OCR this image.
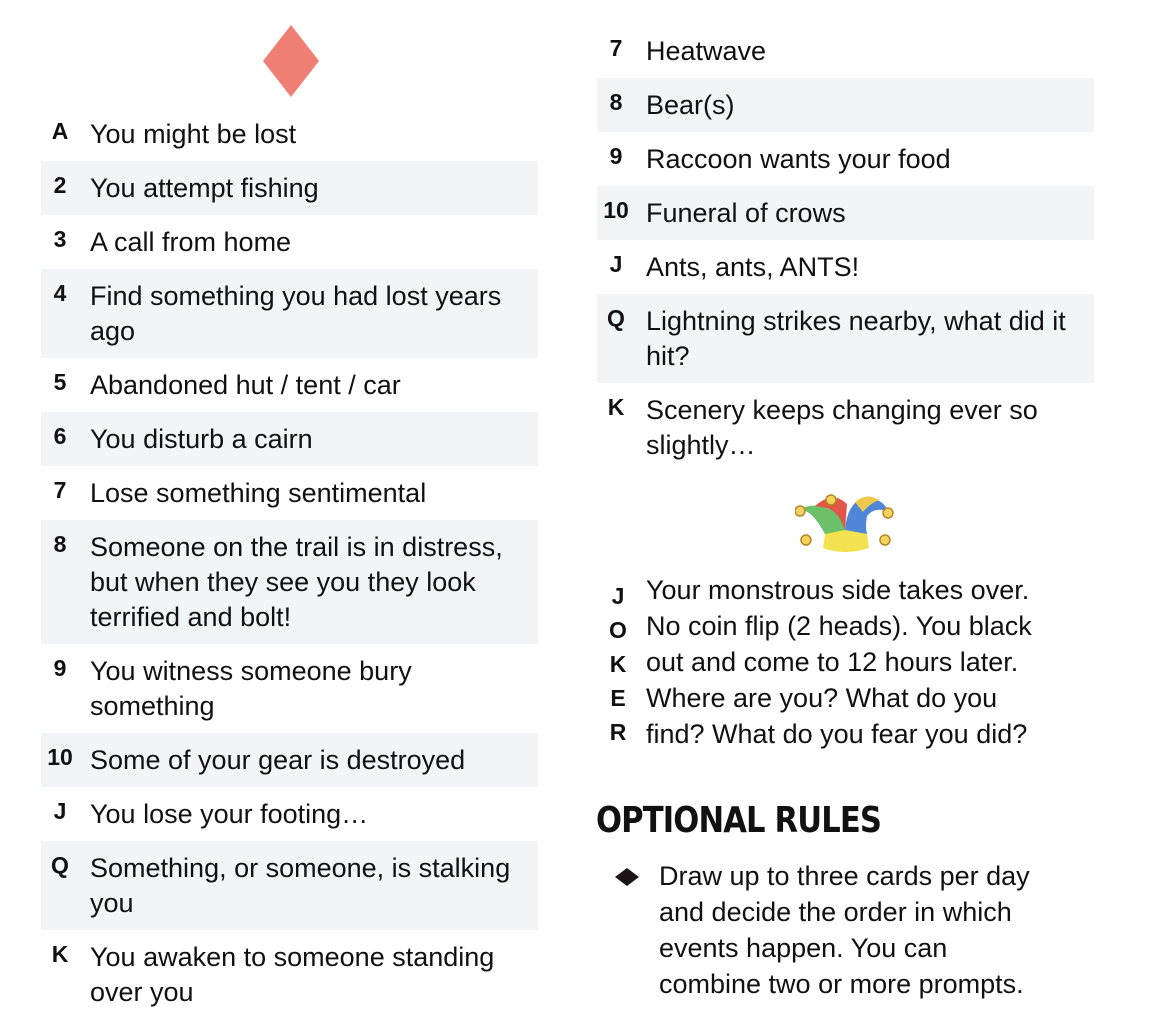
A You might be lost
2 You attempt fishing
3 A call from home
4 Find something you had lost years ago
5 Abandoned hut / tent / car
6 You disturb a cairn
7 Lose something sentimental
8 Someone on the trail is in distress, but when they see you they look terrified and bolt!
9 You witness someone bury something
10 Some of your gear is destroyed
J You lose your footing…
Q Something, or someone, is stalking you
K You awaken to someone standing over you
7 Heatwave
8 Bear(s)
9 Raccoon wants your food
10 Funeral of crows
J Ants, ants, ANTS!
Q Lightning strikes nearby, what did it hit?
K Scenery keeps changing ever so slightly…
J
O
K
E
R
Your monstrous side takes over.
No coin flip (2 heads). You black
out and come to 12 hours later.
Where are you? What do you
find? What do you fear you did?
OPTIONAL RULES
Draw up to three cards per day
and decide the order in which
events happen. You can
combine two or more prompts.
